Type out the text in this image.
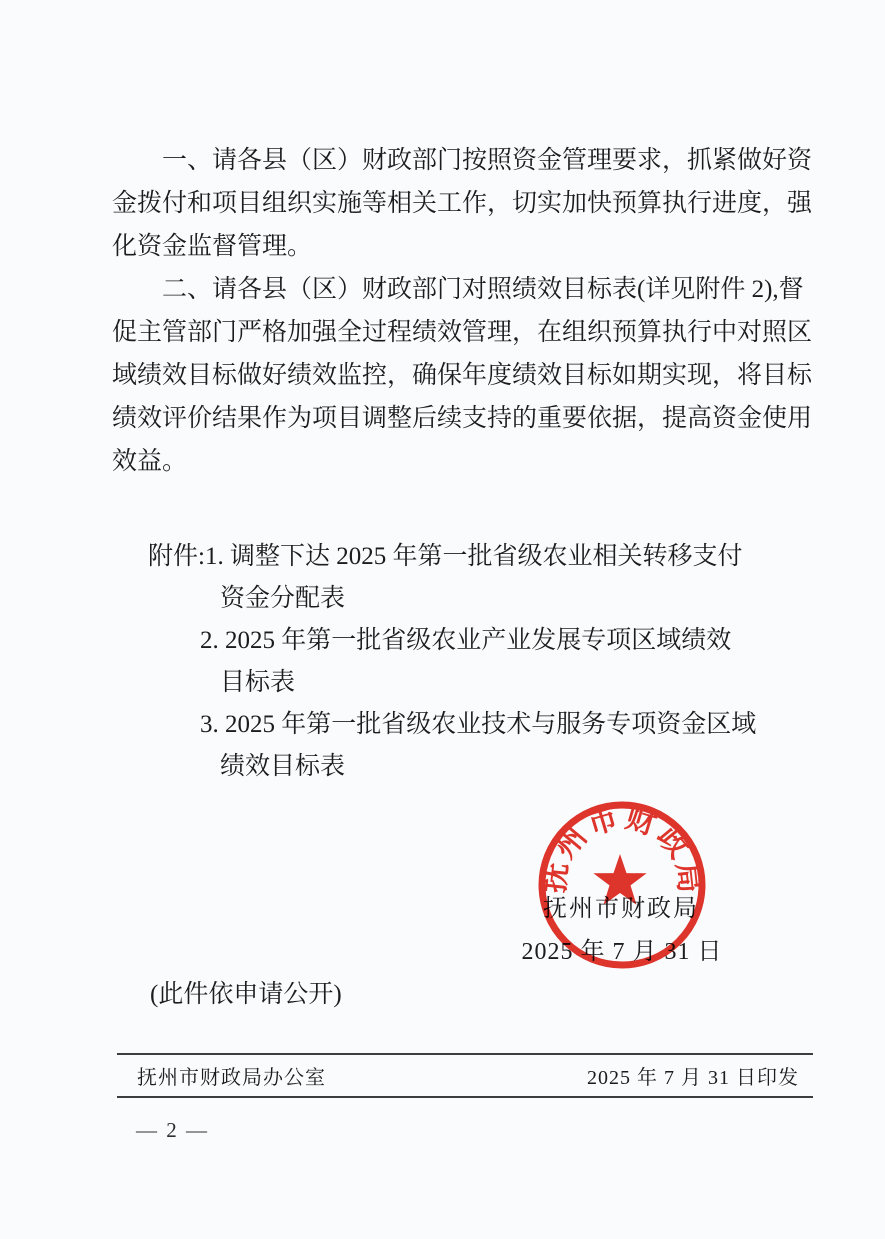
一、请各县（区）财政部门按照资金管理要求，抓紧做好资
金拨付和项目组织实施等相关工作，切实加快预算执行进度，强
化资金监督管理。
二、请各县（区）财政部门对照绩效目标表(详见附件 2),督
促主管部门严格加强全过程绩效管理，在组织预算执行中对照区
域绩效目标做好绩效监控，确保年度绩效目标如期实现，将目标
绩效评价结果作为项目调整后续支持的重要依据，提高资金使用
效益。
附件:1. 调整下达 2025 年第一批省级农业相关转移支付
资金分配表
2. 2025 年第一批省级农业产业发展专项区域绩效
目标表
3. 2025 年第一批省级农业技术与服务专项资金区域
绩效目标表
抚州市财政局
2025 年 7 月 31 日
抚州市财政局
(此件依申请公开)
抚州市财政局办公室	2025 年 7 月 31 日印发
— 2 —
